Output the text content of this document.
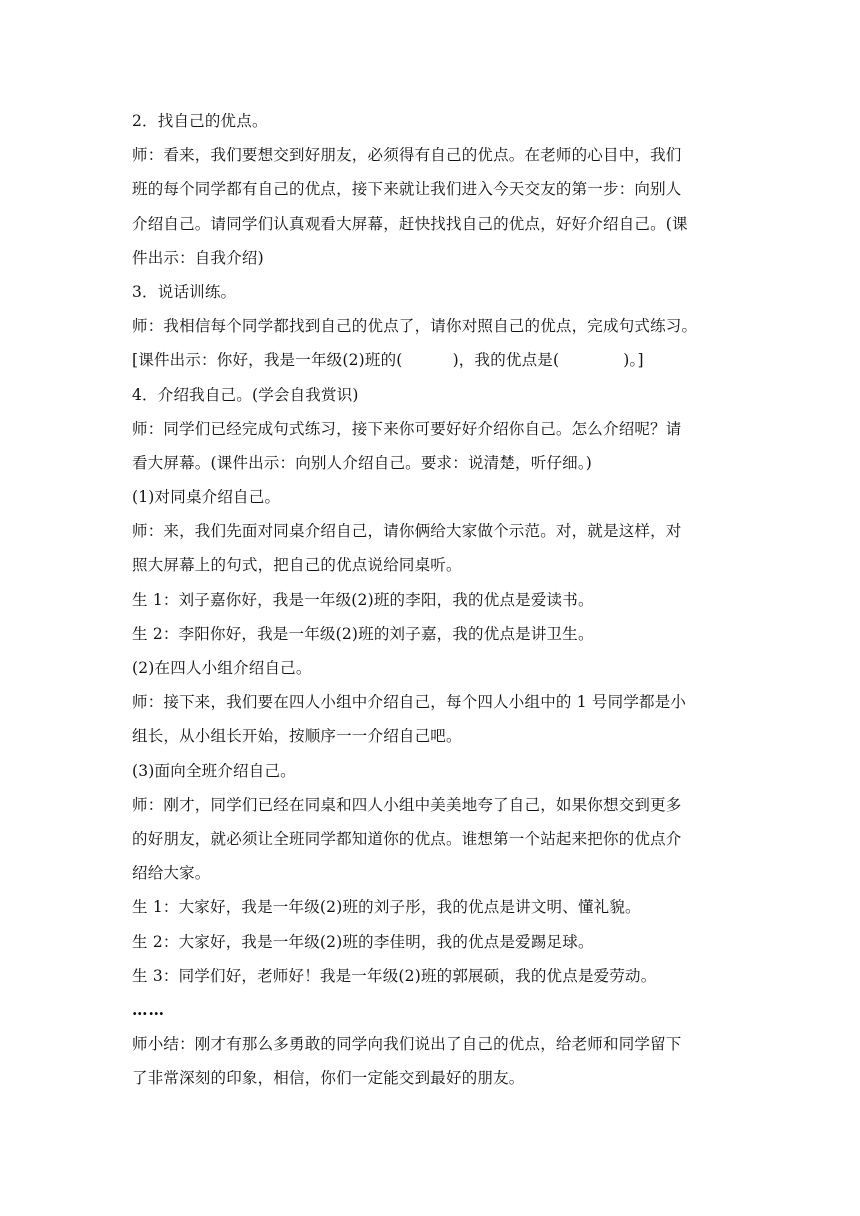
2．找自己的优点。
师：看来，我们要想交到好朋友，必须得有自己的优点。在老师的心目中，我们
班的每个同学都有自己的优点，接下来就让我们进入今天交友的第一步：向别人
介绍自己。请同学们认真观看大屏幕，赶快找找自己的优点，好好介绍自己。(课
件出示：自我介绍)
3．说话训练。
师：我相信每个同学都找到自己的优点了，请你对照自己的优点，完成句式练习。
[课件出示：你好，我是一年级(2)班的(	)，我的优点是(	)。]
4．介绍我自己。(学会自我赏识)
师：同学们已经完成句式练习，接下来你可要好好介绍你自己。怎么介绍呢？请
看大屏幕。(课件出示：向别人介绍自己。要求：说清楚，听仔细。)
(1)对同桌介绍自己。
师：来，我们先面对同桌介绍自己，请你俩给大家做个示范。对，就是这样，对
照大屏幕上的句式，把自己的优点说给同桌听。
生 1：刘子嘉你好，我是一年级(2)班的李阳，我的优点是爱读书。
生 2：李阳你好，我是一年级(2)班的刘子嘉，我的优点是讲卫生。
(2)在四人小组介绍自己。
师：接下来，我们要在四人小组中介绍自己，每个四人小组中的 1 号同学都是小
组长，从小组长开始，按顺序一一介绍自己吧。
(3)面向全班介绍自己。
师：刚才，同学们已经在同桌和四人小组中美美地夸了自己，如果你想交到更多
的好朋友，就必须让全班同学都知道你的优点。谁想第一个站起来把你的优点介
绍给大家。
生 1：大家好，我是一年级(2)班的刘子彤，我的优点是讲文明、懂礼貌。
生 2：大家好，我是一年级(2)班的李佳明，我的优点是爱踢足球。
生 3：同学们好，老师好！我是一年级(2)班的郭展硕，我的优点是爱劳动。
……
师小结：刚才有那么多勇敢的同学向我们说出了自己的优点，给老师和同学留下
了非常深刻的印象，相信，你们一定能交到最好的朋友。
